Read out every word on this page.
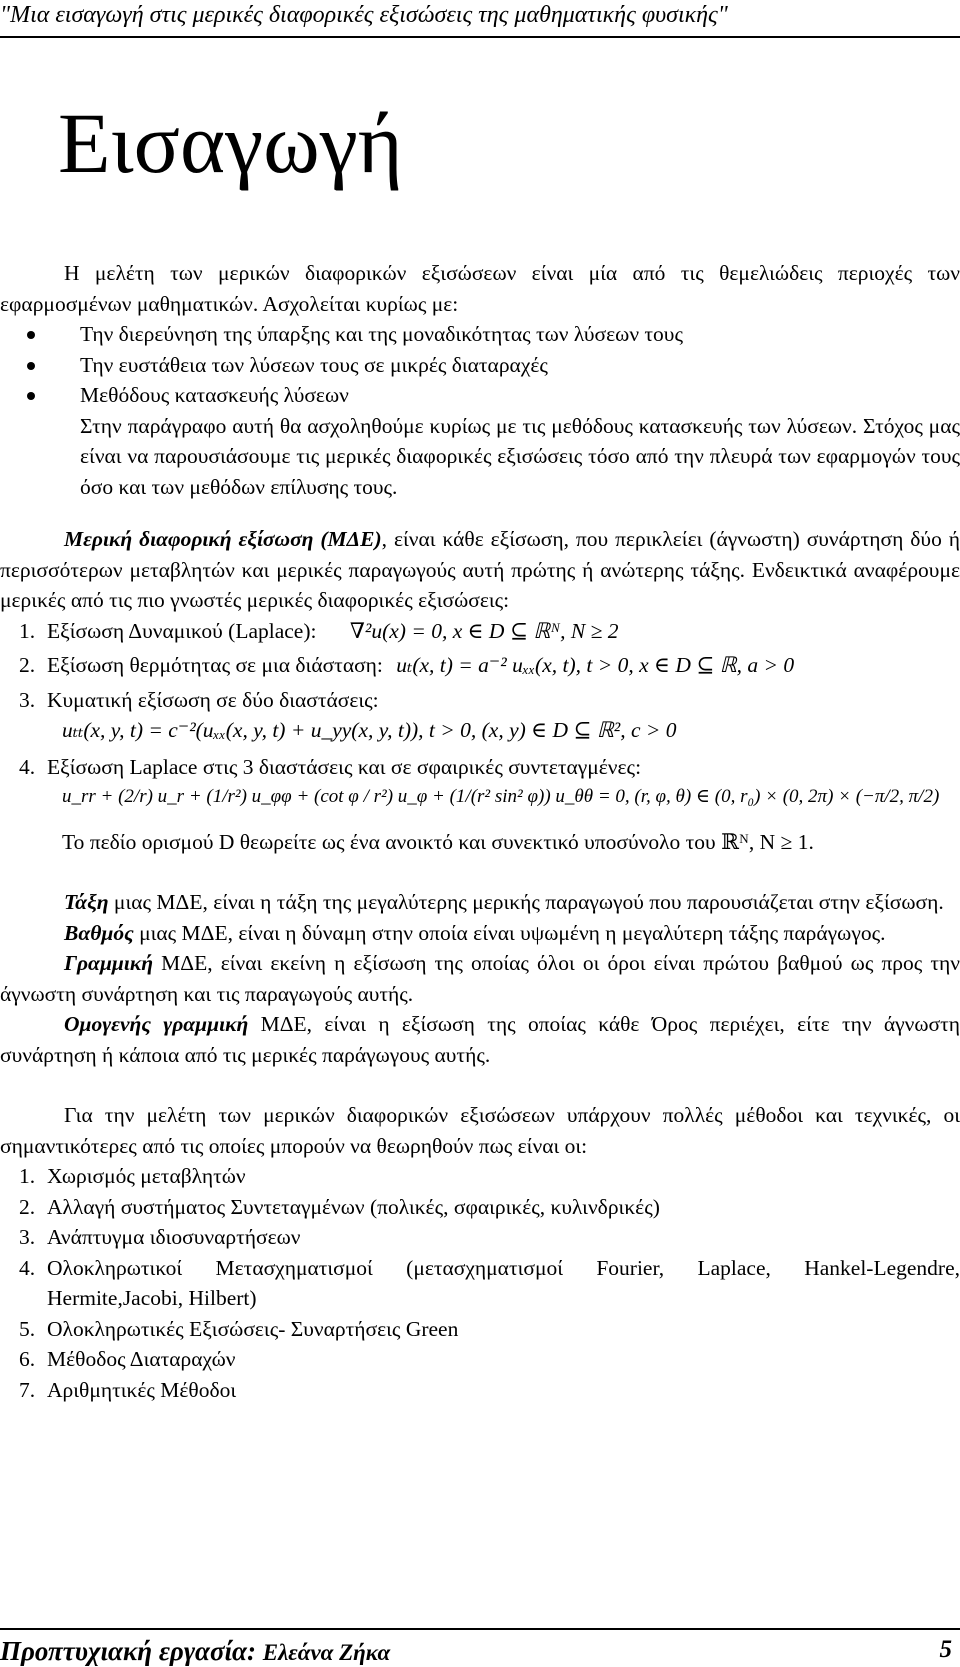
"Μια εισαγωγή στις μερικές διαφορικές εξισώσεις της μαθηματικής φυσικής"
Εισαγωγή

Η μελέτη των μερικών διαφορικών εξισώσεων είναι μία από τις θεμελιώδεις περιοχές των εφαρμοσμένων μαθηματικών. Ασχολείται κυρίως με:

Την διερεύνηση της ύπαρξης και της μοναδικότητας των λύσεων τους
Την ευστάθεια των λύσεων τους σε μικρές διαταραχές
Μεθόδους κατασκευής λύσεων

Στην παράγραφο αυτή θα ασχοληθούμε κυρίως με τις μεθόδους κατασκευής των λύσεων. Στόχος μας είναι να παρουσιάσουμε τις μερικές διαφορικές εξισώσεις τόσο από την πλευρά των εφαρμογών τους όσο και των μεθόδων επίλυσης τους.

Μερική διαφορική εξίσωση (ΜΔΕ), είναι κάθε εξίσωση, που περικλείει (άγνωστη) συνάρτηση δύο ή περισσότερων μεταβλητών και μερικές παραγωγούς αυτή πρώτης ή ανώτερης τάξης. Ενδεικτικά αναφέρουμε μερικές από τις πιο γνωστές μερικές διαφορικές εξισώσεις:

1. Εξίσωση Δυναμικού (Laplace): ∇²u(x) = 0, x ∈ D ⊆ ℝᴺ, N ≥ 2
2. Εξίσωση θερμότητας σε μια διάσταση: uₜ(x, t) = a⁻² uₓₓ(x, t), t > 0, x ∈ D ⊆ ℝ, a > 0
3. Κυματική εξίσωση σε δύο διαστάσεις:
uₜₜ(x, y, t) = c⁻²(uₓₓ(x, y, t) + u_yy(x, y, t)), t > 0, (x, y) ∈ D ⊆ ℝ², c > 0
4. Εξίσωση Laplace στις 3 διαστάσεις και σε σφαιρικές συντεταγμένες:
u_rr + (2/r) u_r + (1/r²) u_φφ + (cot φ / r²) u_φ + (1/(r² sin² φ)) u_θθ = 0, (r, φ, θ) ∈ (0, r₀) × (0, 2π) × (−π/2, π/2)

Το πεδίο ορισμού D θεωρείτε ως ένα ανοικτό και συνεκτικό υποσύνολο του ℝᴺ, N ≥ 1.

Τάξη μιας ΜΔΕ, είναι η τάξη της μεγαλύτερης μερικής παραγωγού που παρουσιάζεται στην εξίσωση.

Βαθμός μιας ΜΔΕ, είναι η δύναμη στην οποία είναι υψωμένη η μεγαλύτερη τάξης παράγωγος.

Γραμμική ΜΔΕ, είναι εκείνη η εξίσωση της οποίας όλοι οι όροι είναι πρώτου βαθμού ως προς την άγνωστη συνάρτηση και τις παραγωγούς αυτής.

Ομογενής γραμμική ΜΔΕ, είναι η εξίσωση της οποίας κάθε Όρος περιέχει, είτε την άγνωστη συνάρτηση ή κάποια από τις μερικές παράγωγους αυτής.

Για την μελέτη των μερικών διαφορικών εξισώσεων υπάρχουν πολλές μέθοδοι και τεχνικές, οι σημαντικότερες από τις οποίες μπορούν να θεωρηθούν πως είναι οι:

1. Χωρισμός μεταβλητών
2. Αλλαγή συστήματος Συντεταγμένων (πολικές, σφαιρικές, κυλινδρικές)
3. Ανάπτυγμα ιδιοσυναρτήσεων
4. Ολοκληρωτικοί Μετασχηματισμοί (μετασχηματισμοί Fourier, Laplace, Hankel-Legendre, Hermite,Jacobi, Hilbert)
5. Ολοκληρωτικές Εξισώσεις- Συναρτήσεις Green
6. Μέθοδος Διαταραχών
7. Αριθμητικές Μέθοδοι
Προπτυχιακή εργασία: Ελεάνα Ζήκα	5
